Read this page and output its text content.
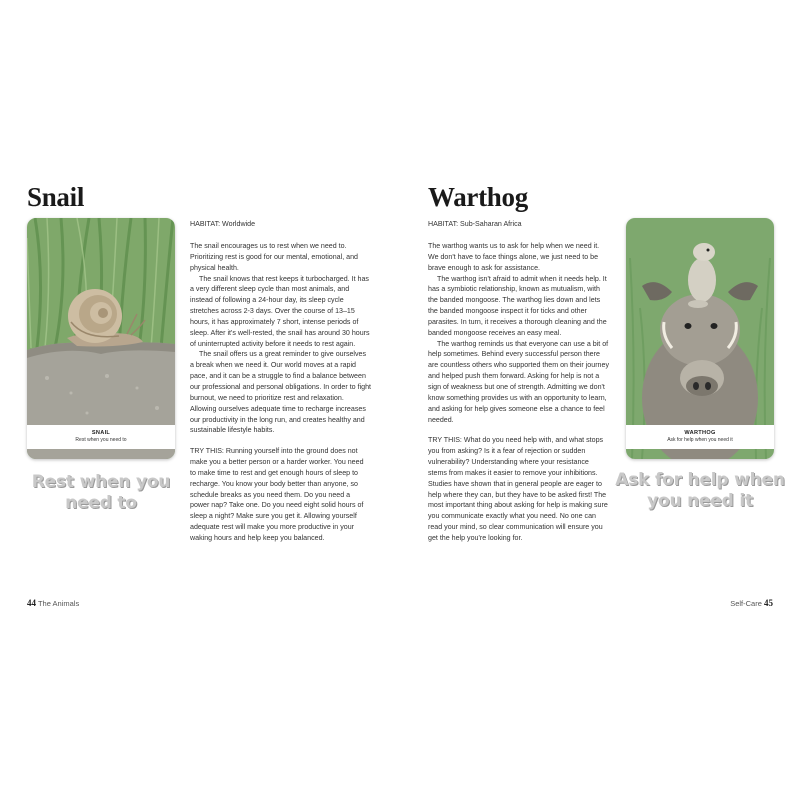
Snail
SNAIL
Rest when you need to
Rest when you
need to

HABITAT: Worldwide

The snail encourages us to rest when we need to. Prioritizing rest is good for our mental, emotional, and physical health.

The snail knows that rest keeps it turbocharged. It has a very different sleep cycle than most animals, and instead of following a 24-hour day, its sleep cycle stretches across 2-3 days. Over the course of 13–15 hours, it has approximately 7 short, intense periods of sleep. After it's well-rested, the snail has around 30 hours of uninterrupted activity before it needs to rest again.

The snail offers us a great reminder to give ourselves a break when we need it. Our world moves at a rapid pace, and it can be a struggle to find a balance between our professional and personal obligations. In order to fight burnout, we need to prioritize rest and relaxation. Allowing ourselves adequate time to recharge increases our productivity in the long run, and creates healthy and sustainable lifestyle habits.

TRY THIS: Running yourself into the ground does not make you a better person or a harder worker. You need to make time to rest and get enough hours of sleep to recharge. You know your body better than anyone, so schedule breaks as you need them. Do you need a power nap? Take one. Do you need eight solid hours of sleep a night? Make sure you get it. Allowing yourself adequate rest will make you more productive in your waking hours and help keep you balanced.

44 The Animals
Warthog

HABITAT: Sub-Saharan Africa

The warthog wants us to ask for help when we need it. We don't have to face things alone, we just need to be brave enough to ask for assistance.

The warthog isn't afraid to admit when it needs help. It has a symbiotic relationship, known as mutualism, with the banded mongoose. The warthog lies down and lets the banded mongoose inspect it for ticks and other parasites. In turn, it receives a thorough cleaning and the banded mongoose receives an easy meal.

The warthog reminds us that everyone can use a bit of help sometimes. Behind every successful person there are countless others who supported them on their journey and helped push them forward. Asking for help is not a sign of weakness but one of strength. Admitting we don't know something provides us with an opportunity to learn, and asking for help gives someone else a chance to feel needed.

TRY THIS: What do you need help with, and what stops you from asking? Is it a fear of rejection or sudden vulnerability? Understanding where your resistance stems from makes it easier to remove your inhibitions. Studies have shown that in general people are eager to help where they can, but they have to be asked first! The most important thing about asking for help is making sure you communicate exactly what you need. No one can read your mind, so clear communication will ensure you get the help you're looking for.

WARTHOG
Ask for help when you need it
Ask for help when
you need it
Self-Care 45
